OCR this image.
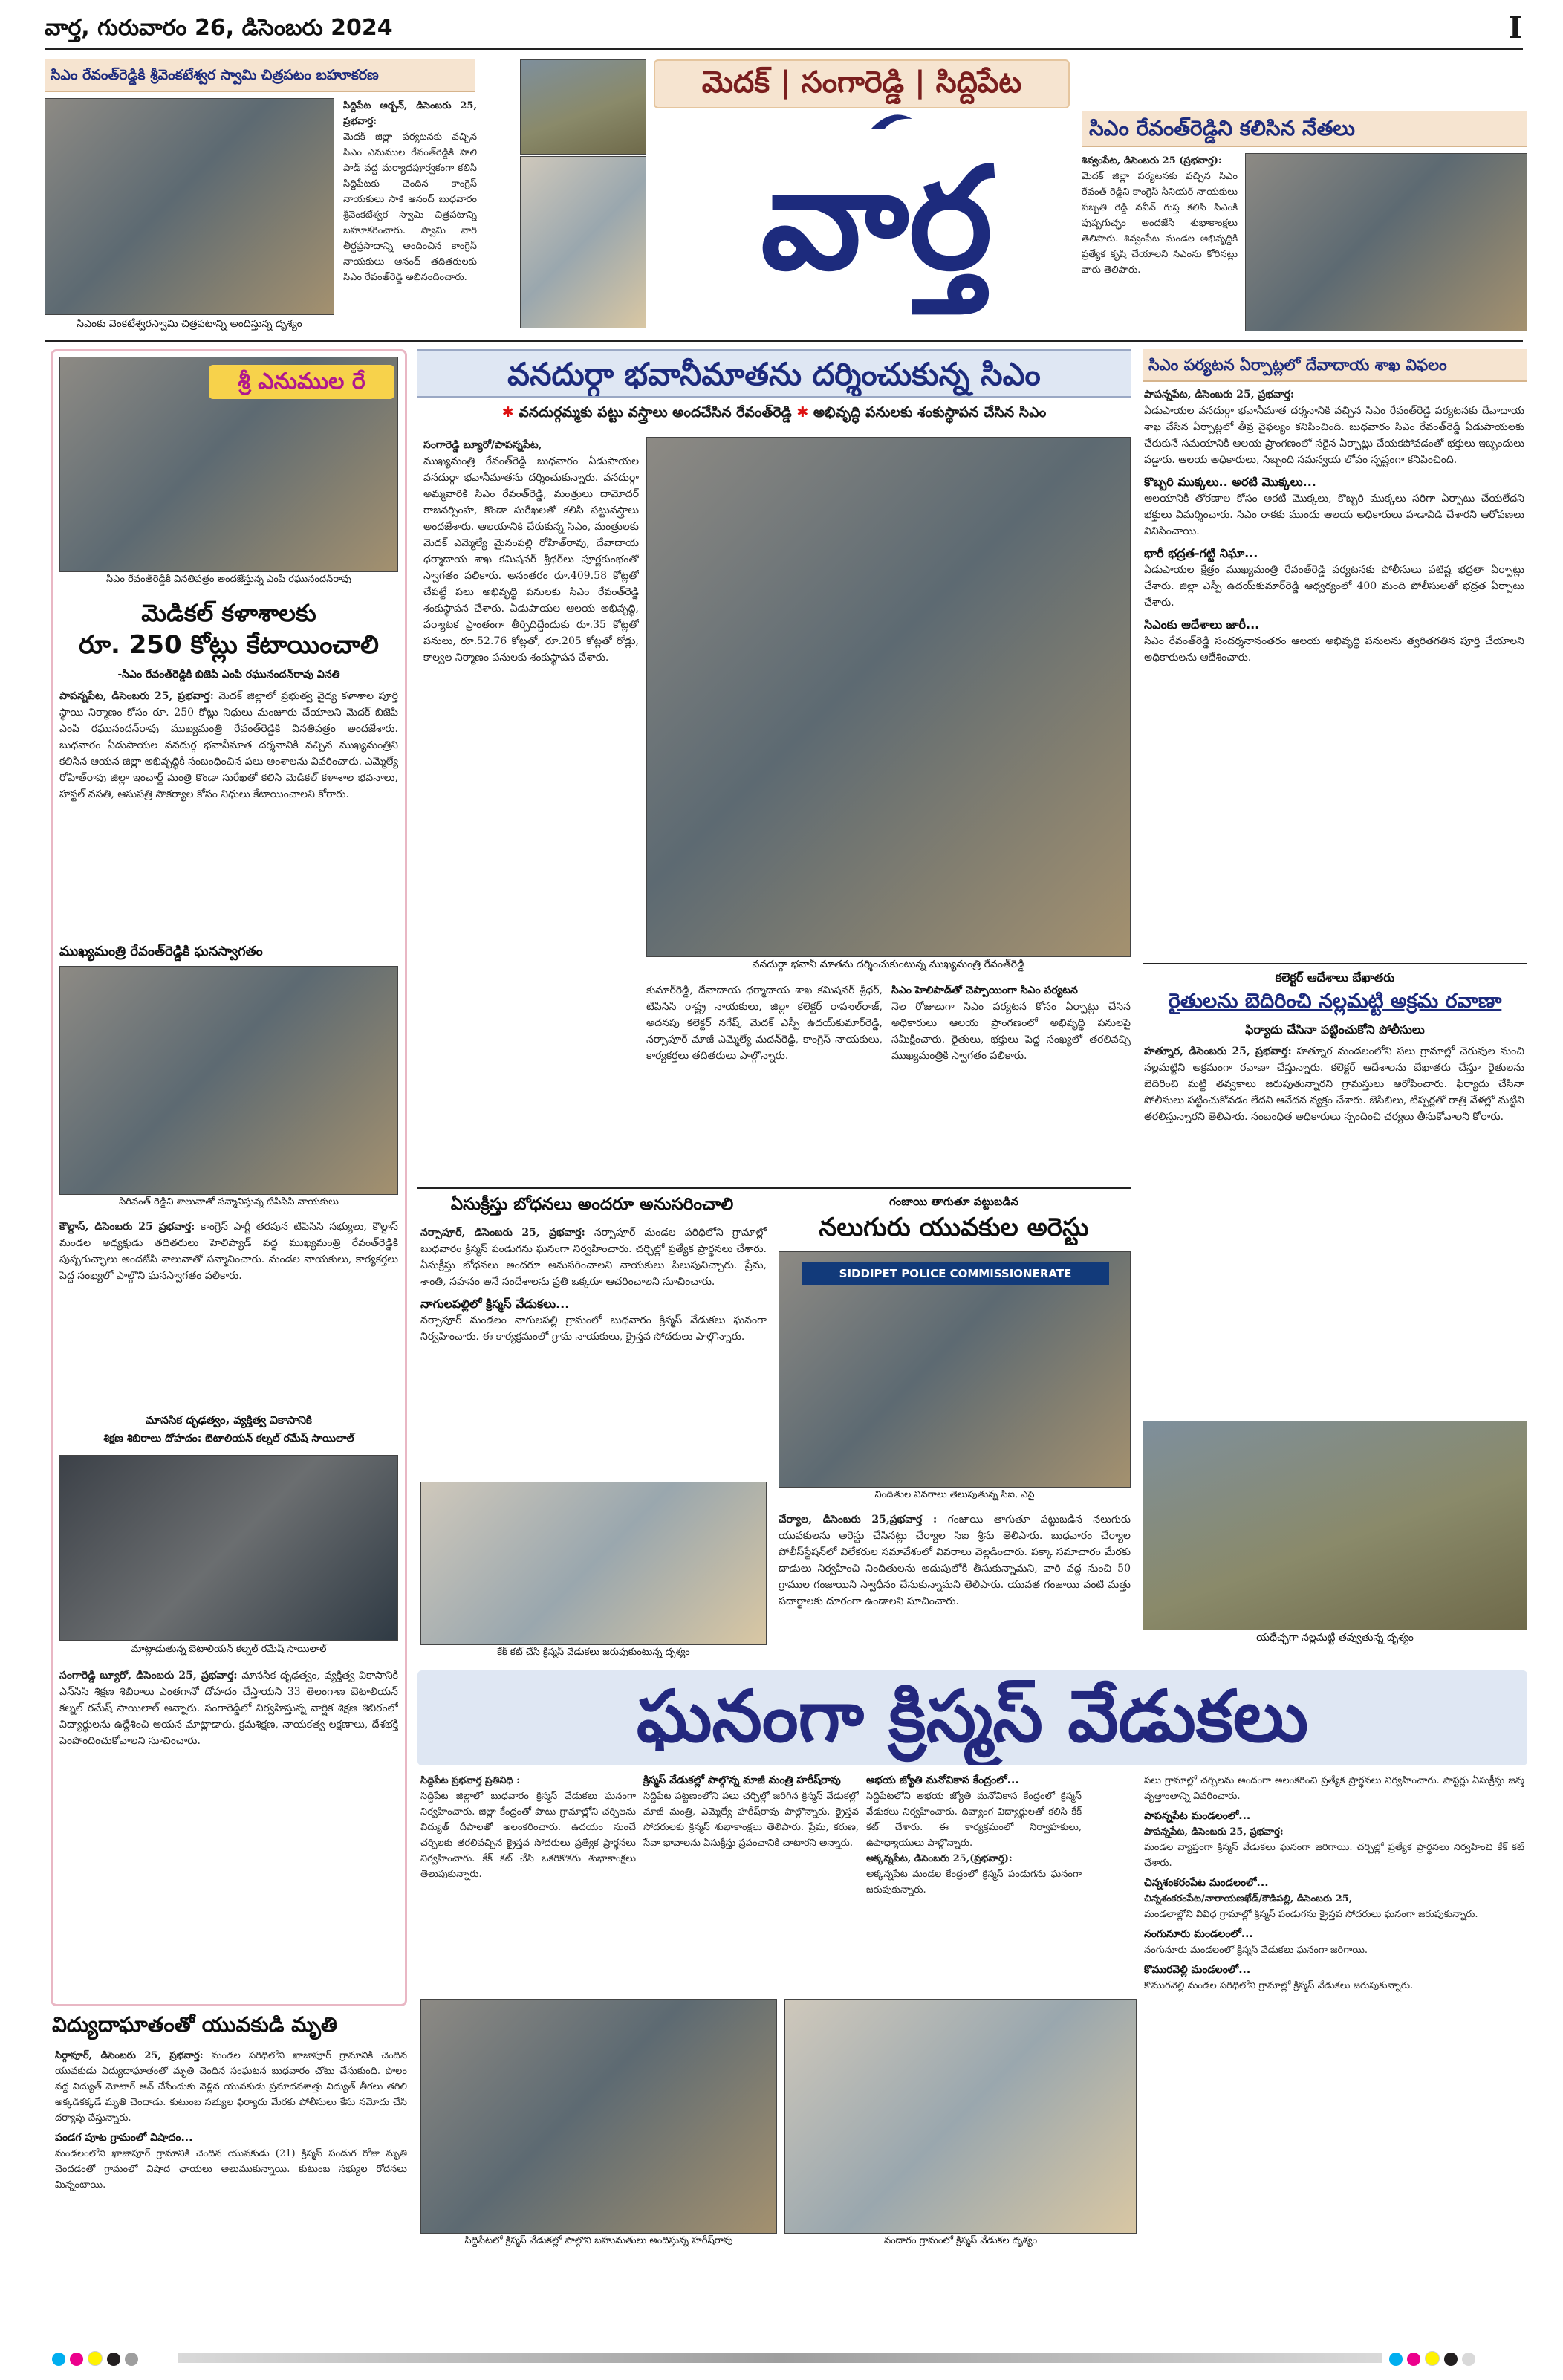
వార్త, గురువారం 26, డిసెంబరు 2024	I
సిఎం రేవంత్‌రెడ్డికి శ్రీవెంకటేశ్వర స్వామి చిత్రపటం బహూకరణ
సిఎంకు వెంకటేశ్వరస్వామి చిత్రపటాన్ని అందిస్తున్న దృశ్యం
సిద్దిపేట అర్బన్, డిసెంబరు 25, ప్రభవార్త:
మెదక్ జిల్లా పర్యటనకు వచ్చిన సిఎం ఎనుముల రేవంత్‌రెడ్డికి హెలి పాడ్ వద్ద మర్యాదపూర్వకంగా కలిసి సిద్దిపేటకు చెందిన కాంగ్రెస్ నాయకులు సాకి ఆనంద్ బుధవారం శ్రీవెంకటేశ్వర స్వామి చిత్రపటాన్ని బహూకరించారు. స్వామి వారి తీర్థప్రసాదాన్ని అందించిన కాంగ్రెస్ నాయకులు ఆనంద్ తదితరులకు సిఎం రేవంత్‌రెడ్డి అభినందించారు.
మెదక్ | సంగారెడ్డి | సిద్దిపేట
వార్త
సిఎం రేవంత్‌రెడ్డిని కలిసిన నేతలు
శివ్వంపేట, డిసెంబరు 25 (ప్రభవార్త):
మెదక్ జిల్లా పర్యటనకు వచ్చిన సిఎం రేవంత్ రెడ్డిని కాంగ్రెస్ సీనియర్ నాయకులు పబ్బతి రెడ్డి నవీన్ గుప్త కలిసి సిఎంకి పుష్పగుచ్ఛం అందజేసి శుభాకాంక్షలు తెలిపారు. శివ్వంపేట మండల అభివృద్ధికి ప్రత్యేక కృషి చేయాలని సిఎంను కోరినట్లు వారు తెలిపారు.
శ్రీ ఎనుముల రే
సిఎం రేవంత్‌రెడ్డికి వినతిపత్రం అందజేస్తున్న ఎంపి రఘునందన్‌రావు
మెడికల్ కళాశాలకు
రూ. 250 కోట్లు కేటాయించాలి
-సిఎం రేవంత్‌రెడ్డికి బిజెపి ఎంపి రఘునందన్‌రావు వినతి
పాపన్నపేట, డిసెంబరు 25, ప్రభవార్త: మెదక్ జిల్లాలో ప్రభుత్వ వైద్య కళాశాల పూర్తి స్థాయి నిర్మాణం కోసం రూ. 250 కోట్లు నిధులు మంజూరు చేయాలని మెదక్ బిజెపి ఎంపి రఘునందన్‌రావు ముఖ్యమంత్రి రేవంత్‌రెడ్డికి వినతిపత్రం అందజేశారు. బుధవారం ఏడుపాయల వనదుర్గ భవానీమాత దర్శనానికి వచ్చిన ముఖ్యమంత్రిని కలిసిన ఆయన జిల్లా అభివృద్ధికి సంబంధించిన పలు అంశాలను వివరించారు. ఎమ్మెల్యే రోహిత్‌రావు జిల్లా ఇంచార్జ్ మంత్రి కొండా సురేఖతో కలిసి మెడికల్ కళాశాల భవనాలు, హాస్టల్ వసతి, ఆసుపత్రి సౌకర్యాల కోసం నిధులు కేటాయించాలని కోరారు.
ముఖ్యమంత్రి రేవంత్‌రెడ్డికి ఘనస్వాగతం
సిరివంత్ రెడ్డిని శాలువాతో సన్మానిస్తున్న టిపిసిసి నాయకులు
కౌల్దాస్, డిసెంబరు 25 ప్రభవార్త: కాంగ్రెస్ పార్టీ తరపున టిపిసిసి సభ్యులు, కౌల్దాస్ మండల అధ్యక్షుడు తదితరులు హెలిప్యాడ్ వద్ద ముఖ్యమంత్రి రేవంత్‌రెడ్డికి పుష్పగుచ్ఛాలు అందజేసి శాలువాతో సన్మానించారు. మండల నాయకులు, కార్యకర్తలు పెద్ద సంఖ్యలో పాల్గొని ఘనస్వాగతం పలికారు.
మానసిక దృఢత్వం, వ్యక్తిత్వ వికాసానికి
శిక్షణ శిబిరాలు దోహదం: బెటాలియన్ కల్నల్ రమేష్ సాయిలాల్
మాట్లాడుతున్న బెటాలియన్ కల్నల్ రమేష్ సాయిలాల్
సంగారెడ్డి బ్యూరో, డిసెంబరు 25, ప్రభవార్త: మానసిక దృఢత్వం, వ్యక్తిత్వ వికాసానికి ఎన్‌సిసి శిక్షణ శిబిరాలు ఎంతగానో దోహదం చేస్తాయని 33 తెలంగాణ బెటాలియన్ కల్నల్ రమేష్ సాయిలాల్ అన్నారు. సంగారెడ్డిలో నిర్వహిస్తున్న వార్షిక శిక్షణ శిబిరంలో విద్యార్థులను ఉద్దేశించి ఆయన మాట్లాడారు. క్రమశిక్షణ, నాయకత్వ లక్షణాలు, దేశభక్తి పెంపొందించుకోవాలని సూచించారు.
వనదుర్గా భవానీమాతను దర్శించుకున్న సిఎం
✱ వనదుర్గమ్మకు పట్టు వస్త్రాలు అందచేసిన రేవంత్‌రెడ్డి ✱ అభివృద్ధి పనులకు శంకుస్థాపన చేసిన సిఎం
సంగారెడ్డి బ్యూరో/పాపన్నపేట,
ముఖ్యమంత్రి రేవంత్‌రెడ్డి బుధవారం ఏడుపాయల వనదుర్గా భవానీమాతను దర్శించుకున్నారు. వనదుర్గా అమ్మవారికి సిఎం రేవంత్‌రెడ్డి, మంత్రులు దామోదర్ రాజనర్సింహ, కొండా సురేఖలతో కలిసి పట్టువస్త్రాలు అందజేశారు. ఆలయానికి చేరుకున్న సిఎం, మంత్రులకు మెదక్ ఎమ్మెల్యే మైనంపల్లి రోహిత్‌రావు, దేవాదాయ ధర్మాదాయ శాఖ కమిషనర్ శ్రీధర్‌లు పూర్ణకుంభంతో స్వాగతం పలికారు. అనంతరం రూ.409.58 కోట్లతో చేపట్టే పలు అభివృద్ధి పనులకు సిఎం రేవంత్‌రెడ్డి శంకుస్థాపన చేశారు. ఏడుపాయల ఆలయ అభివృద్ధి, పర్యాటక ప్రాంతంగా తీర్చిదిద్దేందుకు రూ.35 కోట్లతో పనులు, రూ.52.76 కోట్లతో, రూ.205 కోట్లతో రోడ్లు, కాల్వల నిర్మాణం పనులకు శంకుస్థాపన చేశారు.
వనదుర్గా భవానీ మాతను దర్శించుకుంటున్న ముఖ్యమంత్రి రేవంత్‌రెడ్డి
కుమార్‌రెడ్డి, దేవాదాయ ధర్మాదాయ శాఖ కమిషనర్ శ్రీధర్, టిపిసిసి రాష్ట్ర నాయకులు, జిల్లా కలెక్టర్ రాహుల్‌రాజ్, అదనపు కలెక్టర్ నగేష్, మెదక్ ఎస్పీ ఉదయ్‌కుమార్‌రెడ్డి, నర్సాపూర్ మాజీ ఎమ్మెల్యే మదన్‌రెడ్డి, కాంగ్రెస్ నాయకులు, కార్యకర్తలు తదితరులు పాల్గొన్నారు.
సిఎం హెలిపాడ్‌తో చెప్పాయింగా సిఎం పర్యటన
నెల రోజులుగా సిఎం పర్యటన కోసం ఏర్పాట్లు చేసిన అధికారులు ఆలయ ప్రాంగణంలో అభివృద్ధి పనులపై సమీక్షించారు. రైతులు, భక్తులు పెద్ద సంఖ్యలో తరలివచ్చి ముఖ్యమంత్రికి స్వాగతం పలికారు.
సిఎం పర్యటన ఏర్పాట్లలో దేవాదాయ శాఖ విఫలం
పాపన్నపేట, డిసెంబరు 25, ప్రభవార్త:
ఏడుపాయల వనదుర్గా భవానీమాత దర్శనానికి వచ్చిన సిఎం రేవంత్‌రెడ్డి పర్యటనకు దేవాదాయ శాఖ చేసిన ఏర్పాట్లలో తీవ్ర వైఫల్యం కనిపించింది. బుధవారం సిఎం రేవంత్‌రెడ్డి ఏడుపాయలకు చేరుకునే సమయానికి ఆలయ ప్రాంగణంలో సరైన ఏర్పాట్లు చేయకపోవడంతో భక్తులు ఇబ్బందులు పడ్డారు. ఆలయ అధికారులు, సిబ్బంది సమన్వయ లోపం స్పష్టంగా కనిపించింది.
కొబ్బరి ముక్కలు.. అరటి మొక్కలు...
ఆలయానికి తోరణాల కోసం అరటి మొక్కలు, కొబ్బరి ముక్కలు సరిగా ఏర్పాటు చేయలేదని భక్తులు విమర్శించారు. సిఎం రాకకు ముందు ఆలయ అధికారులు హడావిడి చేశారని ఆరోపణలు వినిపించాయి.
భారీ భద్రత-గట్టి నిఘా...
ఏడుపాయల క్షేత్రం ముఖ్యమంత్రి రేవంత్‌రెడ్డి పర్యటనకు పోలీసులు పటిష్ట భద్రతా ఏర్పాట్లు చేశారు. జిల్లా ఎస్పీ ఉదయ్‌కుమార్‌రెడ్డి ఆధ్వర్యంలో 400 మంది పోలీసులతో భద్రత ఏర్పాటు చేశారు.
సిఎంకు ఆదేశాలు జారీ...
సిఎం రేవంత్‌రెడ్డి సందర్శనానంతరం ఆలయ అభివృద్ధి పనులను త్వరితగతిన పూర్తి చేయాలని అధికారులను ఆదేశించారు.
కలెక్టర్ ఆదేశాలు బేఖాతరు
రైతులను బెదిరించి నల్లమట్టి అక్రమ రవాణా
ఫిర్యాదు చేసినా పట్టించుకోని పోలీసులు
హత్నూర, డిసెంబరు 25, ప్రభవార్త: హత్నూర మండలంలోని పలు గ్రామాల్లో చెరువుల నుంచి నల్లమట్టిని అక్రమంగా రవాణా చేస్తున్నారు. కలెక్టర్ ఆదేశాలను బేఖాతరు చేస్తూ రైతులను బెదిరించి మట్టి తవ్వకాలు జరుపుతున్నారని గ్రామస్తులు ఆరోపించారు. ఫిర్యాదు చేసినా పోలీసులు పట్టించుకోవడం లేదని ఆవేదన వ్యక్తం చేశారు. జెసిబిలు, టిప్పర్లతో రాత్రి వేళల్లో మట్టిని తరలిస్తున్నారని తెలిపారు. సంబంధిత అధికారులు స్పందించి చర్యలు తీసుకోవాలని కోరారు.
యథేచ్ఛగా నల్లమట్టి తవ్వుతున్న దృశ్యం
ఏసుక్రీస్తు బోధనలు అందరూ అనుసరించాలి
నర్సాపూర్, డిసెంబరు 25, ప్రభవార్త: నర్సాపూర్ మండల పరిధిలోని గ్రామాల్లో బుధవారం క్రిస్మస్ పండుగను ఘనంగా నిర్వహించారు. చర్చిల్లో ప్రత్యేక ప్రార్థనలు చేశారు. ఏసుక్రీస్తు బోధనలు అందరూ అనుసరించాలని నాయకులు పిలుపునిచ్చారు. ప్రేమ, శాంతి, సహనం అనే సందేశాలను ప్రతి ఒక్కరూ ఆచరించాలని సూచించారు.
నాగులపల్లిలో క్రిస్మస్ వేడుకలు...
నర్సాపూర్ మండలం నాగులపల్లి గ్రామంలో బుధవారం క్రిస్మస్ వేడుకలు ఘనంగా నిర్వహించారు. ఈ కార్యక్రమంలో గ్రామ నాయకులు, క్రైస్తవ సోదరులు పాల్గొన్నారు.
కేక్ కట్ చేసి క్రిస్మస్ వేడుకలు జరుపుకుంటున్న దృశ్యం
గంజాయి తాగుతూ పట్టుబడిన
నలుగురు యువకుల అరెస్టు
SIDDIPET POLICE COMMISSIONERATE
నిందితుల వివరాలు తెలుపుతున్న సిఐ, ఎసై
చేర్యాల, డిసెంబరు 25,ప్రభవార్త : గంజాయి తాగుతూ పట్టుబడిన నలుగురు యువకులను అరెస్టు చేసినట్లు చేర్యాల సిఐ శ్రీను తెలిపారు. బుధవారం చేర్యాల పోలీస్‌స్టేషన్‌లో విలేకరుల సమావేశంలో వివరాలు వెల్లడించారు. పక్కా సమాచారం మేరకు దాడులు నిర్వహించి నిందితులను అదుపులోకి తీసుకున్నామని, వారి వద్ద నుంచి 50 గ్రాముల గంజాయిని స్వాధీనం చేసుకున్నామని తెలిపారు. యువత గంజాయి వంటి మత్తు పదార్థాలకు దూరంగా ఉండాలని సూచించారు.
ఘనంగా క్రిస్మస్ వేడుకలు
సిద్దిపేట ప్రభవార్త ప్రతినిధి :
సిద్దిపేట జిల్లాలో బుధవారం క్రిస్మస్ వేడుకలు ఘనంగా నిర్వహించారు. జిల్లా కేంద్రంతో పాటు గ్రామాల్లోని చర్చిలను విద్యుత్ దీపాలతో అలంకరించారు. ఉదయం నుంచే చర్చిలకు తరలివచ్చిన క్రైస్తవ సోదరులు ప్రత్యేక ప్రార్థనలు నిర్వహించారు. కేక్ కట్ చేసి ఒకరికొకరు శుభాకాంక్షలు తెలుపుకున్నారు.
క్రిస్మస్ వేడుకల్లో పాల్గొన్న మాజీ మంత్రి హరీష్‌రావు
సిద్దిపేట పట్టణంలోని పలు చర్చిల్లో జరిగిన క్రిస్మస్ వేడుకల్లో మాజీ మంత్రి, ఎమ్మెల్యే హరీష్‌రావు పాల్గొన్నారు. క్రైస్తవ సోదరులకు క్రిస్మస్ శుభాకాంక్షలు తెలిపారు. ప్రేమ, కరుణ, సేవా భావాలను ఏసుక్రీస్తు ప్రపంచానికి చాటారని అన్నారు.
అభయ జ్యోతి మనోవికాస కేంద్రంలో...
సిద్దిపేటలోని అభయ జ్యోతి మనోవికాస కేంద్రంలో క్రిస్మస్ వేడుకలు నిర్వహించారు. దివ్యాంగ విద్యార్థులతో కలిసి కేక్ కట్ చేశారు. ఈ కార్యక్రమంలో నిర్వాహకులు, ఉపాధ్యాయులు పాల్గొన్నారు.
అక్కన్నపేట, డిసెంబరు 25,(ప్రభవార్త):
అక్కన్నపేట మండల కేంద్రంలో క్రిస్మస్ పండుగను ఘనంగా జరుపుకున్నారు.
పలు గ్రామాల్లో చర్చిలను అందంగా అలంకరించి ప్రత్యేక ప్రార్థనలు నిర్వహించారు. పాస్టర్లు ఏసుక్రీస్తు జన్మ వృత్తాంతాన్ని వివరించారు.
పాపన్నపేట మండలంలో...
పాపన్నపేట, డిసెంబరు 25, ప్రభవార్త:
మండల వ్యాప్తంగా క్రిస్మస్ వేడుకలు ఘనంగా జరిగాయి. చర్చిల్లో ప్రత్యేక ప్రార్థనలు నిర్వహించి కేక్ కట్ చేశారు.
చిన్నశంకరంపేట మండలంలో...
చిన్నశంకరంపేట/నారాయణఖేడ్/కౌడిపల్లి, డిసెంబరు 25,
మండలాల్లోని వివిధ గ్రామాల్లో క్రిస్మస్ పండుగను క్రైస్తవ సోదరులు ఘనంగా జరుపుకున్నారు.
నంగునూరు మండలంలో...
నంగునూరు మండలంలో క్రిస్మస్ వేడుకలు ఘనంగా జరిగాయి.
కొమురవెల్లి మండలంలో...
కొమురవెల్లి మండల పరిధిలోని గ్రామాల్లో క్రిస్మస్ వేడుకలు జరుపుకున్నారు.
సిద్దిపేటలో క్రిస్మస్ వేడుకల్లో పాల్గొని బహుమతులు అందిస్తున్న హరీష్‌రావు	నందారం గ్రామంలో క్రిస్మస్ వేడుకల దృశ్యం
విద్యుదాఘాతంతో యువకుడి మృతి
సిర్గాపూర్, డిసెంబరు 25, ప్రభవార్త: మండల పరిధిలోని ఖాజాపూర్ గ్రామానికి చెందిన యువకుడు విద్యుదాఘాతంతో మృతి చెందిన సంఘటన బుధవారం చోటు చేసుకుంది. పొలం వద్ద విద్యుత్ మోటార్ ఆన్ చేసేందుకు వెళ్లిన యువకుడు ప్రమాదవశాత్తు విద్యుత్ తీగలు తగిలి అక్కడికక్కడే మృతి చెందాడు. కుటుంబ సభ్యుల ఫిర్యాదు మేరకు పోలీసులు కేసు నమోదు చేసి దర్యాప్తు చేస్తున్నారు.
పండగ పూట గ్రామంలో విషాదం...
మండలంలోని ఖాజాపూర్ గ్రామానికి చెందిన యువకుడు (21) క్రిస్మస్ పండుగ రోజు మృతి చెందడంతో గ్రామంలో విషాద ఛాయలు అలుముకున్నాయి. కుటుంబ సభ్యుల రోదనలు మిన్నంటాయి.
